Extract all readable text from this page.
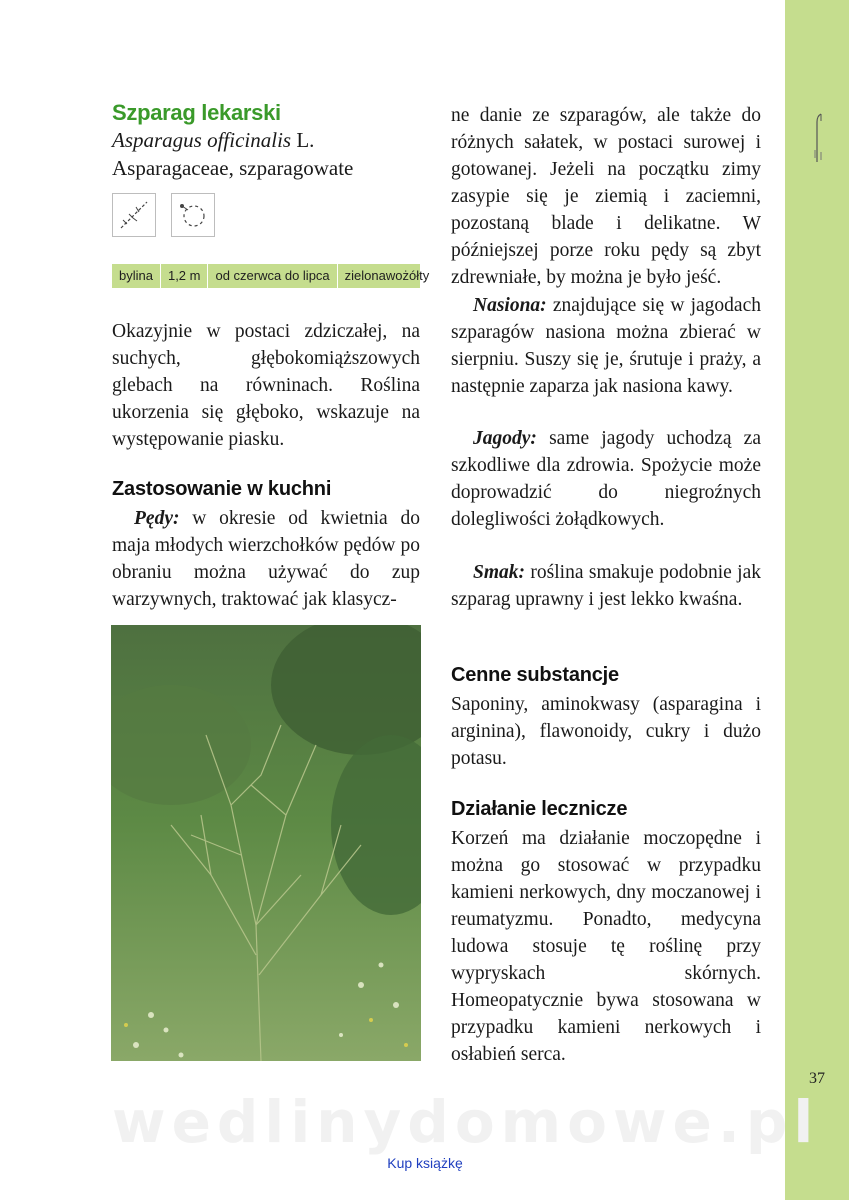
37
Szparag lekarski
Asparagus officinalis L.
Asparagaceae, szparagowate
bylina	1,2 m	od czerwca do lipca	zielonawożółty
Okazyjnie w postaci zdziczałej, na suchych, głębokomiąższowych glebach na równinach. Roślina ukorzenia się głęboko, wskazuje na występowanie piasku.
Zastosowanie w kuchni
Pędy: w okresie od kwietnia do maja młodych wierzchołków pędów po obraniu można używać do zup warzywnych, traktować jak klasycz-
ne danie ze szparagów, ale także do różnych sałatek, w postaci surowej i gotowanej. Jeżeli na początku zimy zasypie się je ziemią i zaciemni, pozostaną blade i delikatne. W późniejszej porze roku pędy są zbyt zdrewniałe, by można je było jeść.
Nasiona: znajdujące się w jagodach szparagów nasiona można zbierać w sierpniu. Suszy się je, śrutuje i praży, a następnie zaparza jak nasiona kawy.
Jagody: same jagody uchodzą za szkodliwe dla zdrowia. Spożycie może doprowadzić do niegroźnych dolegliwości żołądkowych.
Smak: roślina smakuje podobnie jak szparag uprawny i jest lekko kwaśna.
Cenne substancje
Saponiny, aminokwasy (asparagina i arginina), flawonoidy, cukry i dużo potasu.
Działanie lecznicze
Korzeń ma działanie moczopędne i można go stosować w przypadku kamieni nerkowych, dny moczanowej i reumatyzmu. Ponadto, medycyna ludowa stosuje tę roślinę przy wypryskach skórnych. Homeopatycznie bywa stosowana w przypadku kamieni nerkowych i osłabień serca.
wedlinydomowe.pl
Kup książkę
